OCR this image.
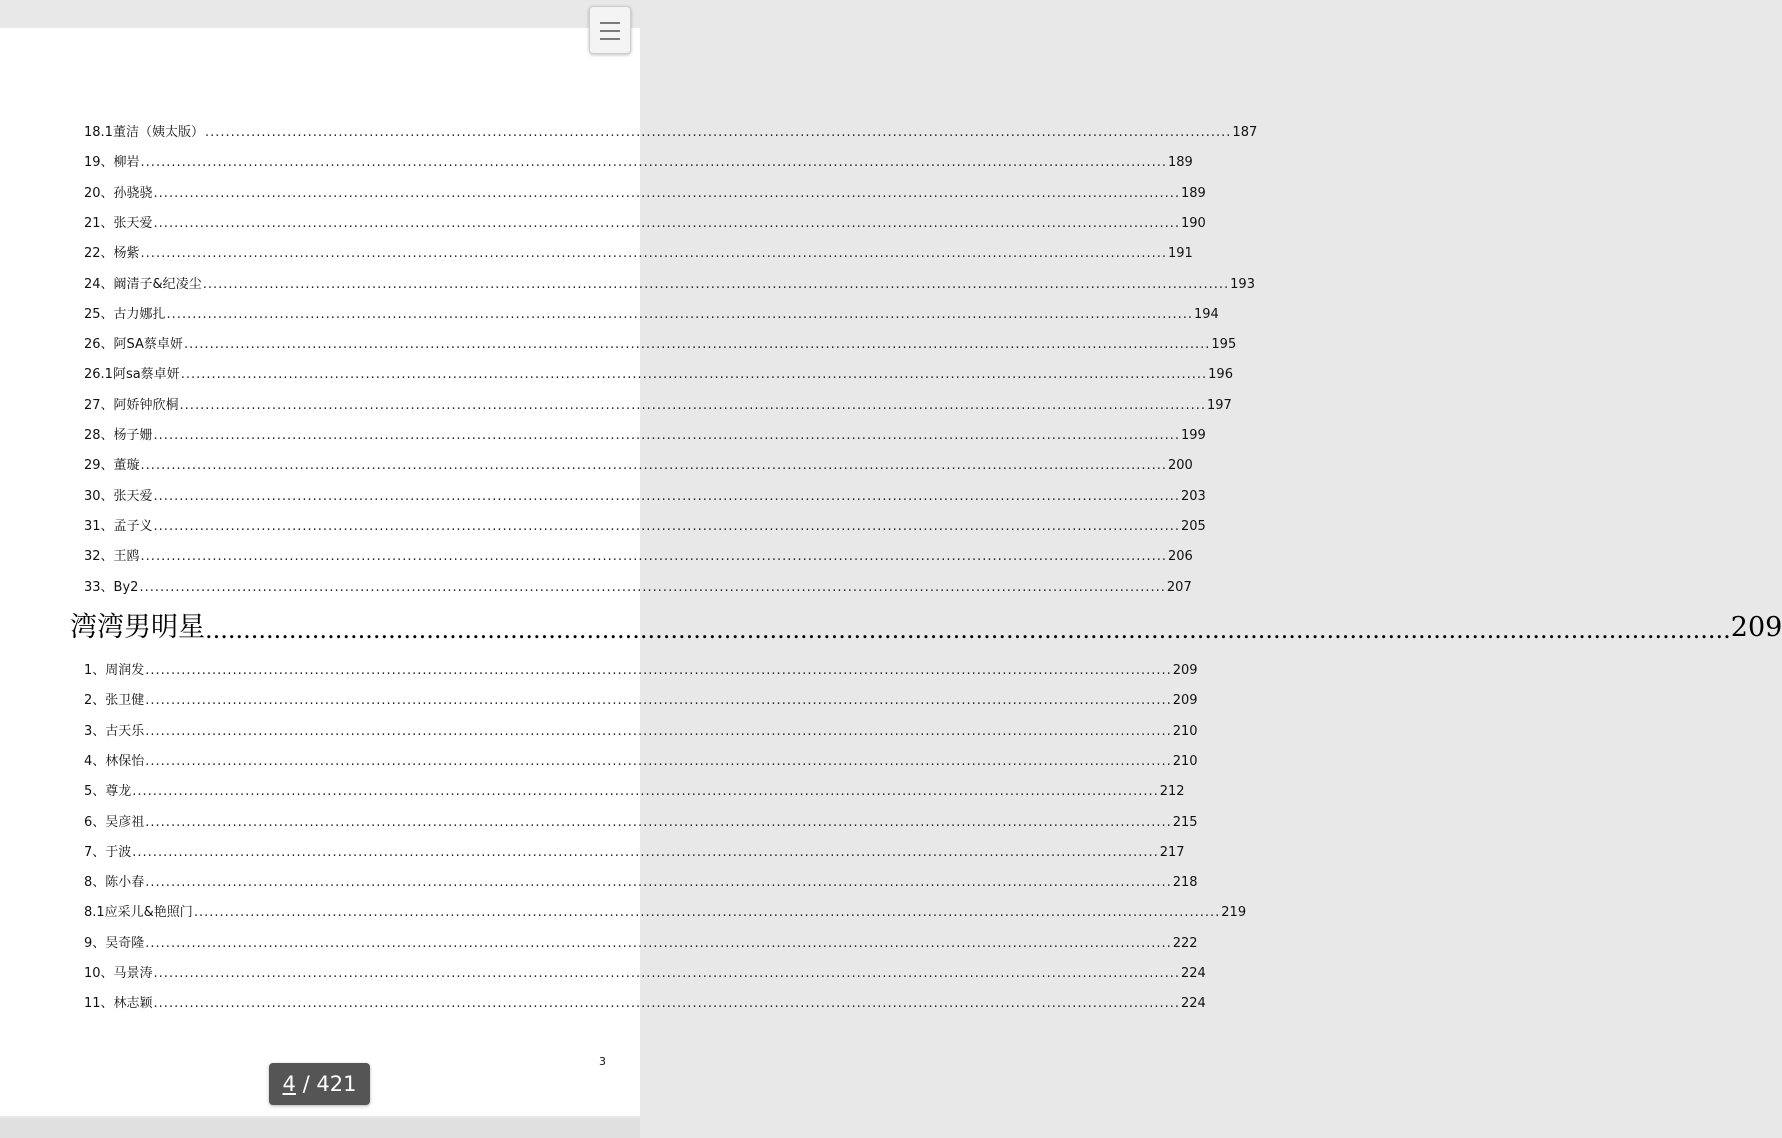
18.1董洁（姨太版） ........................................................................................................................................................................................................ 187
19、柳岩 ........................................................................................................................................................................................................ 189
20、孙骁骁 ........................................................................................................................................................................................................ 189
21、张天爱 ........................................................................................................................................................................................................ 190
22、杨紫 ........................................................................................................................................................................................................ 191
24、阚清子&纪凌尘 ........................................................................................................................................................................................................ 193
25、古力娜扎 ........................................................................................................................................................................................................ 194
26、阿SA蔡卓妍 ........................................................................................................................................................................................................ 195
26.1阿sa蔡卓妍 ........................................................................................................................................................................................................ 196
27、阿娇钟欣桐 ........................................................................................................................................................................................................ 197
28、杨子姗 ........................................................................................................................................................................................................ 199
29、董璇 ........................................................................................................................................................................................................ 200
30、张天爱 ........................................................................................................................................................................................................ 203
31、孟子义 ........................................................................................................................................................................................................ 205
32、王鸥 ........................................................................................................................................................................................................ 206
33、By2 ........................................................................................................................................................................................................ 207
湾湾男明星 ........................................................................................................................................................................................................ 209
1、周润发 ........................................................................................................................................................................................................ 209
2、张卫健 ........................................................................................................................................................................................................ 209
3、古天乐 ........................................................................................................................................................................................................ 210
4、林保怡 ........................................................................................................................................................................................................ 210
5、尊龙 ........................................................................................................................................................................................................ 212
6、吴彦祖 ........................................................................................................................................................................................................ 215
7、于波 ........................................................................................................................................................................................................ 217
8、陈小春 ........................................................................................................................................................................................................ 218
8.1应采儿&艳照门 ........................................................................................................................................................................................................ 219
9、吴奇隆 ........................................................................................................................................................................................................ 222
10、马景涛 ........................................................................................................................................................................................................ 224
11、林志颖 ........................................................................................................................................................................................................ 224
3
4 / 421
